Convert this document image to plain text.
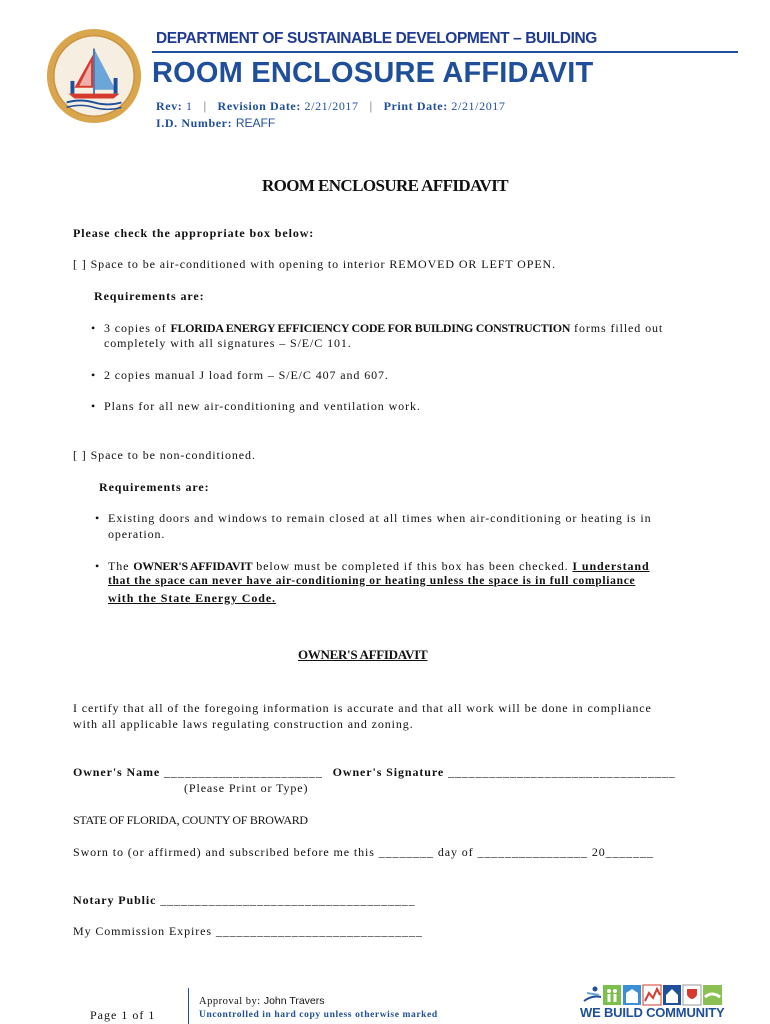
DEPARTMENT OF SUSTAINABLE DEVELOPMENT – BUILDING
ROOM ENCLOSURE AFFIDAVIT
Rev: 1 | Revision Date: 2/21/2017 | Print Date: 2/21/2017
I.D. Number: REAFF
ROOM ENCLOSURE AFFIDAVIT
Please check the appropriate box below:
[ ] Space to be air-conditioned with opening to interior REMOVED OR LEFT OPEN.
Requirements are:
• 3 copies of FLORIDA ENERGY EFFICIENCY CODE FOR BUILDING CONSTRUCTION forms filled out
completely with all signatures – S/E/C 101.
• 2 copies manual J load form – S/E/C 407 and 607.
• Plans for all new air-conditioning and ventilation work.
[ ] Space to be non-conditioned.
Requirements are:
• Existing doors and windows to remain closed at all times when air-conditioning or heating is in
operation.
• The OWNER'S AFFIDAVIT below must be completed if this box has been checked. I understand
that the space can never have air-conditioning or heating unless the space is in full compliance
with the State Energy Code.
OWNER'S AFFIDAVIT
I certify that all of the foregoing information is accurate and that all work will be done in compliance
with all applicable laws regulating construction and zoning.
Owner's Name _______________________ Owner's Signature _________________________________
(Please Print or Type)
STATE OF FLORIDA, COUNTY OF BROWARD
Sworn to (or affirmed) and subscribed before me this ________ day of ________________ 20_______
Notary Public _____________________________________
My Commission Expires ______________________________
Page 1 of 1
Approval by: John Travers
Uncontrolled in hard copy unless otherwise marked	WE BUILD COMMUNITY
